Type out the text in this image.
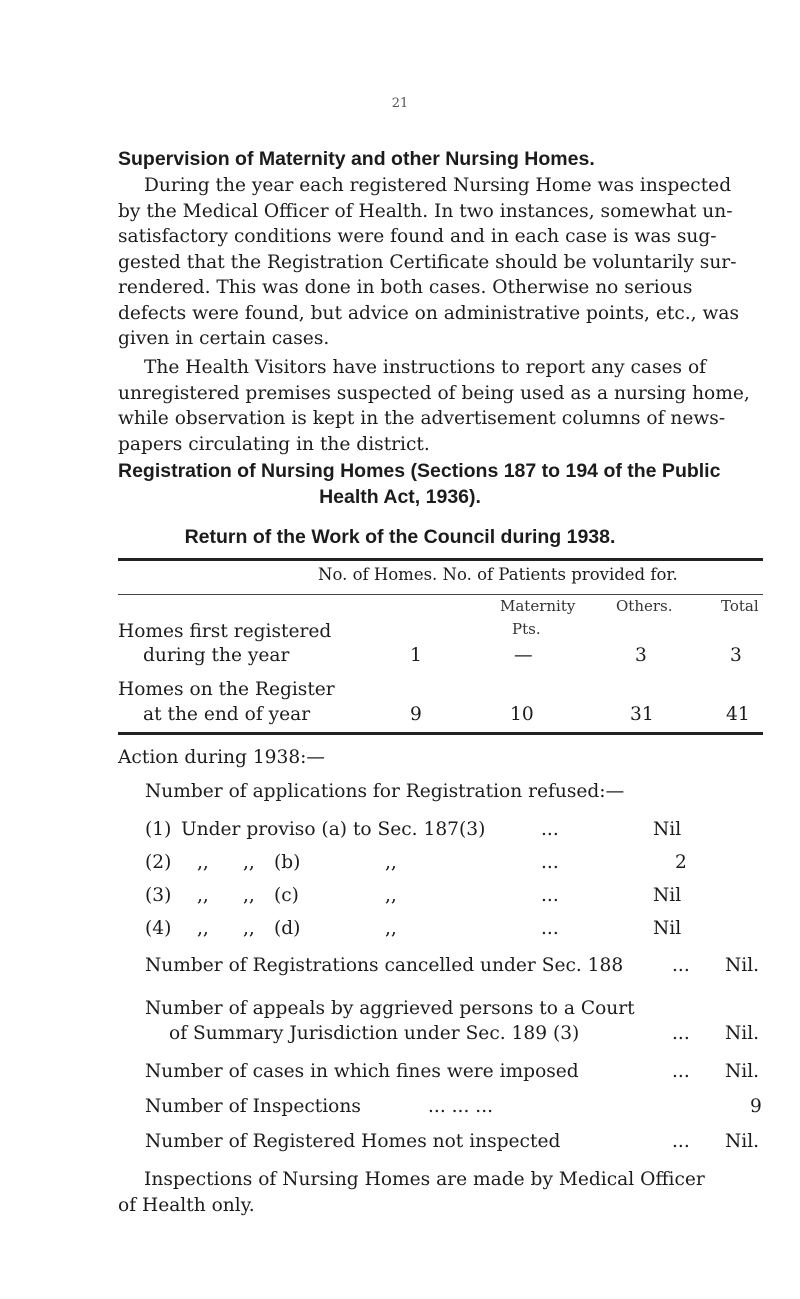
21
Supervision of Maternity and other Nursing Homes.
During the year each registered Nursing Home was inspected
by the Medical Officer of Health. In two instances, somewhat un-
satisfactory conditions were found and in each case is was sug-
gested that the Registration Certificate should be voluntarily sur-
rendered. This was done in both cases. Otherwise no serious
defects were found, but advice on administrative points, etc., was
given in certain cases.
The Health Visitors have instructions to report any cases of
unregistered premises suspected of being used as a nursing home,
while observation is kept in the advertisement columns of news-
papers circulating in the district.
Registration of Nursing Homes (Sections 187 to 194 of the Public
Health Act, 1936).
Return of the Work of the Council during 1938.
No. of Homes. No. of Patients provided for.
Maternity
Pts.
Others.	Total
Homes first registered
during the year	1	—	3	3
Homes on the Register
at the end of year	9	10	31	41
Action during 1938:—
Number of applications for Registration refused:—
(1) Under proviso (a) to Sec. 187(3)	...	Nil
(2) ,, ,, (b)	,,	...	2
(3) ,, ,, (c)	,,	...	Nil
(4) ,, ,, (d)	,,	...	Nil
Number of Registrations cancelled under Sec. 188	... Nil.
Number of appeals by aggrieved persons to a Court
of Summary Jurisdiction under Sec. 189 (3)	... Nil.
Number of cases in which fines were imposed	... Nil.
Number of Inspections	... ... ...	9
Number of Registered Homes not inspected	... Nil.
Inspections of Nursing Homes are made by Medical Officer
of Health only.
